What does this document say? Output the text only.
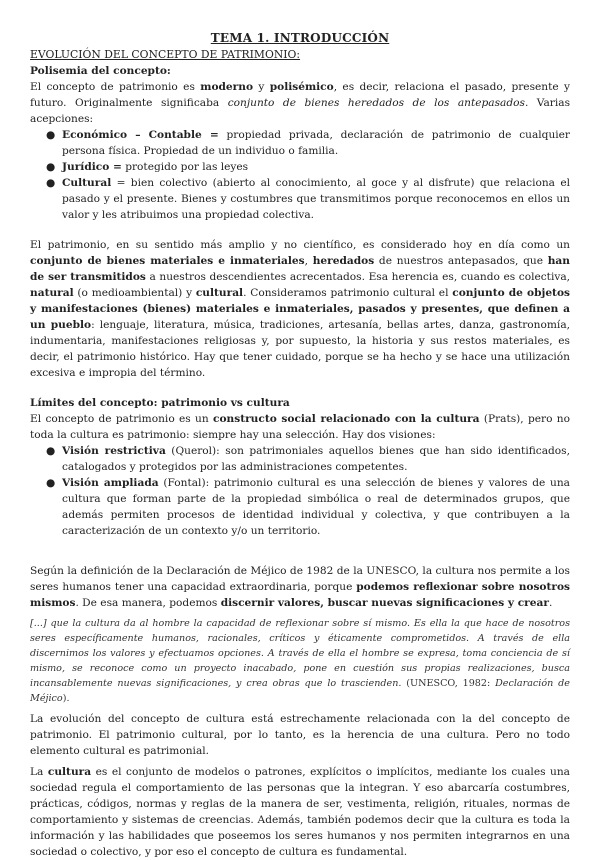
TEMA 1. INTRODUCCIÓN
EVOLUCIÓN DEL CONCEPTO DE PATRIMONIO:
Polisemia del concepto:

El concepto de patrimonio es moderno y polisémico, es decir, relaciona el pasado, presente y futuro. Originalmente significaba conjunto de bienes heredados de los antepasados. Varias acepciones:

● Económico – Contable = propiedad privada, declaración de patrimonio de cualquier persona física. Propiedad de un individuo o familia.
● Jurídico = protegido por las leyes
● Cultural = bien colectivo (abierto al conocimiento, al goce y al disfrute) que relaciona el pasado y el presente. Bienes y costumbres que transmitimos porque reconocemos en ellos un valor y les atribuimos una propiedad colectiva.

El patrimonio, en su sentido más amplio y no científico, es considerado hoy en día como un conjunto de bienes materiales e inmateriales, heredados de nuestros antepasados, que han de ser transmitidos a nuestros descendientes acrecentados. Esa herencia es, cuando es colectiva, natural (o medioambiental) y cultural. Consideramos patrimonio cultural el conjunto de objetos y manifestaciones (bienes) materiales e inmateriales, pasados y presentes, que definen a un pueblo: lenguaje, literatura, música, tradiciones, artesanía, bellas artes, danza, gastronomía, indumentaria, manifestaciones religiosas y, por supuesto, la historia y sus restos materiales, es decir, el patrimonio histórico. Hay que tener cuidado, porque se ha hecho y se hace una utilización excesiva e impropia del término.

Límites del concepto: patrimonio vs cultura

El concepto de patrimonio es un constructo social relacionado con la cultura (Prats), pero no toda la cultura es patrimonio: siempre hay una selección. Hay dos visiones:

● Visión restrictiva (Querol): son patrimoniales aquellos bienes que han sido identificados, catalogados y protegidos por las administraciones competentes.
● Visión ampliada (Fontal): patrimonio cultural es una selección de bienes y valores de una cultura que forman parte de la propiedad simbólica o real de determinados grupos, que además permiten procesos de identidad individual y colectiva, y que contribuyen a la caracterización de un contexto y/o un territorio.

Según la definición de la Declaración de Méjico de 1982 de la UNESCO, la cultura nos permite a los seres humanos tener una capacidad extraordinaria, porque podemos reflexionar sobre nosotros mismos. De esa manera, podemos discernir valores, buscar nuevas significaciones y crear.

[...] que la cultura da al hombre la capacidad de reflexionar sobre sí mismo. Es ella la que hace de nosotros seres específicamente humanos, racionales, críticos y éticamente comprometidos. A través de ella discernimos los valores y efectuamos opciones. A través de ella el hombre se expresa, toma conciencia de sí mismo, se reconoce como un proyecto inacabado, pone en cuestión sus propias realizaciones, busca incansablemente nuevas significaciones, y crea obras que lo trascienden. (UNESCO, 1982: Declaración de Méjico).

La evolución del concepto de cultura está estrechamente relacionada con la del concepto de patrimonio. El patrimonio cultural, por lo tanto, es la herencia de una cultura. Pero no todo elemento cultural es patrimonial.

La cultura es el conjunto de modelos o patrones, explícitos o implícitos, mediante los cuales una sociedad regula el comportamiento de las personas que la integran. Y eso abarcaría costumbres, prácticas, códigos, normas y reglas de la manera de ser, vestimenta, religión, rituales, normas de comportamiento y sistemas de creencias. Además, también podemos decir que la cultura es toda la información y las habilidades que poseemos los seres humanos y nos permiten integrarnos en una sociedad o colectivo, y por eso el concepto de cultura es fundamental.
